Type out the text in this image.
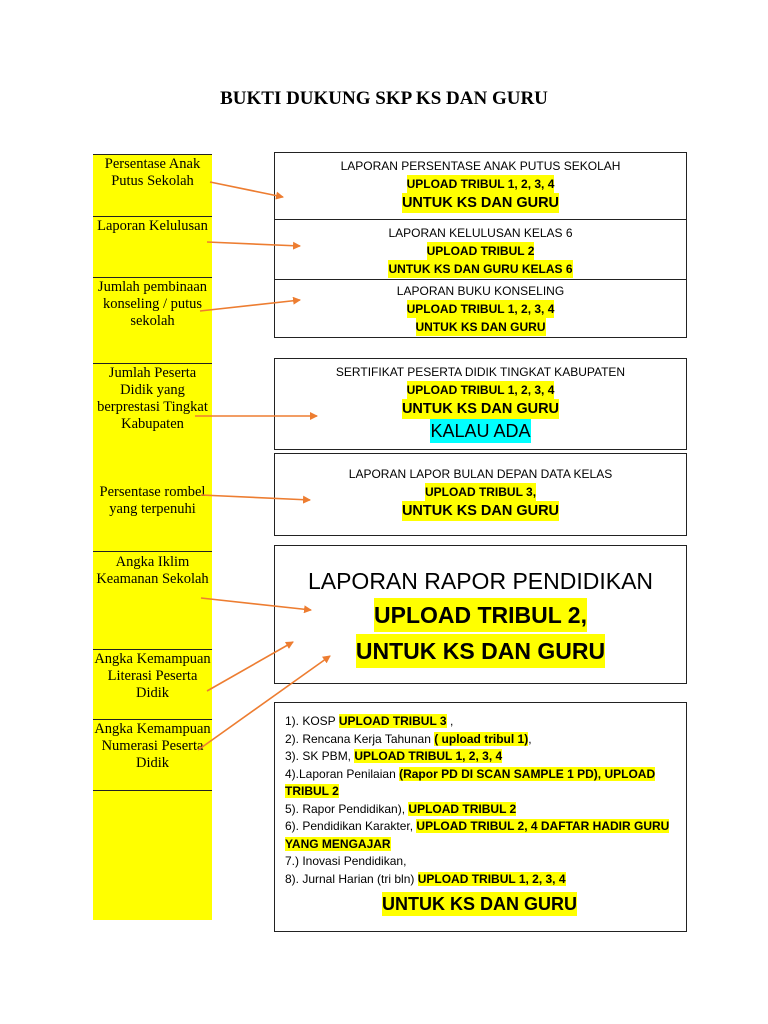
BUKTI DUKUNG SKP KS DAN GURU
Persentase Anak Putus Sekolah
Laporan Kelulusan
Jumlah pembinaan konseling / putus sekolah
Jumlah Peserta Didik yang berprestasi Tingkat Kabupaten
Persentase rombel yang terpenuhi
Angka Iklim Keamanan Sekolah
Angka Kemampuan Literasi Peserta Didik
Angka Kemampuan Numerasi Peserta Didik
LAPORAN PERSENTASE ANAK PUTUS SEKOLAH
UPLOAD TRIBUL 1, 2, 3, 4
UNTUK KS DAN GURU
LAPORAN KELULUSAN KELAS 6
UPLOAD TRIBUL 2
UNTUK KS DAN GURU KELAS 6
LAPORAN BUKU KONSELING
UPLOAD TRIBUL 1, 2, 3, 4
UNTUK KS DAN GURU
SERTIFIKAT PESERTA DIDIK TINGKAT KABUPATEN
UPLOAD TRIBUL 1, 2, 3, 4
UNTUK KS DAN GURU
KALAU ADA
LAPORAN LAPOR BULAN DEPAN DATA KELAS
UPLOAD TRIBUL 3,
UNTUK KS DAN GURU
LAPORAN RAPOR PENDIDIKAN
UPLOAD TRIBUL 2,
UNTUK KS DAN GURU
1). KOSP UPLOAD TRIBUL 3 ,
2). Rencana Kerja Tahunan ( upload tribul 1),
3). SK PBM, UPLOAD TRIBUL 1, 2, 3, 4
4).Laporan Penilaian (Rapor PD DI SCAN SAMPLE 1 PD), UPLOAD TRIBUL 2
5). Rapor Pendidikan), UPLOAD TRIBUL 2
6). Pendidikan Karakter, UPLOAD TRIBUL 2, 4 DAFTAR HADIR GURU YANG MENGAJAR
7.) Inovasi Pendidikan,
8). Jurnal Harian (tri bln) UPLOAD TRIBUL 1, 2, 3, 4
UNTUK KS DAN GURU
